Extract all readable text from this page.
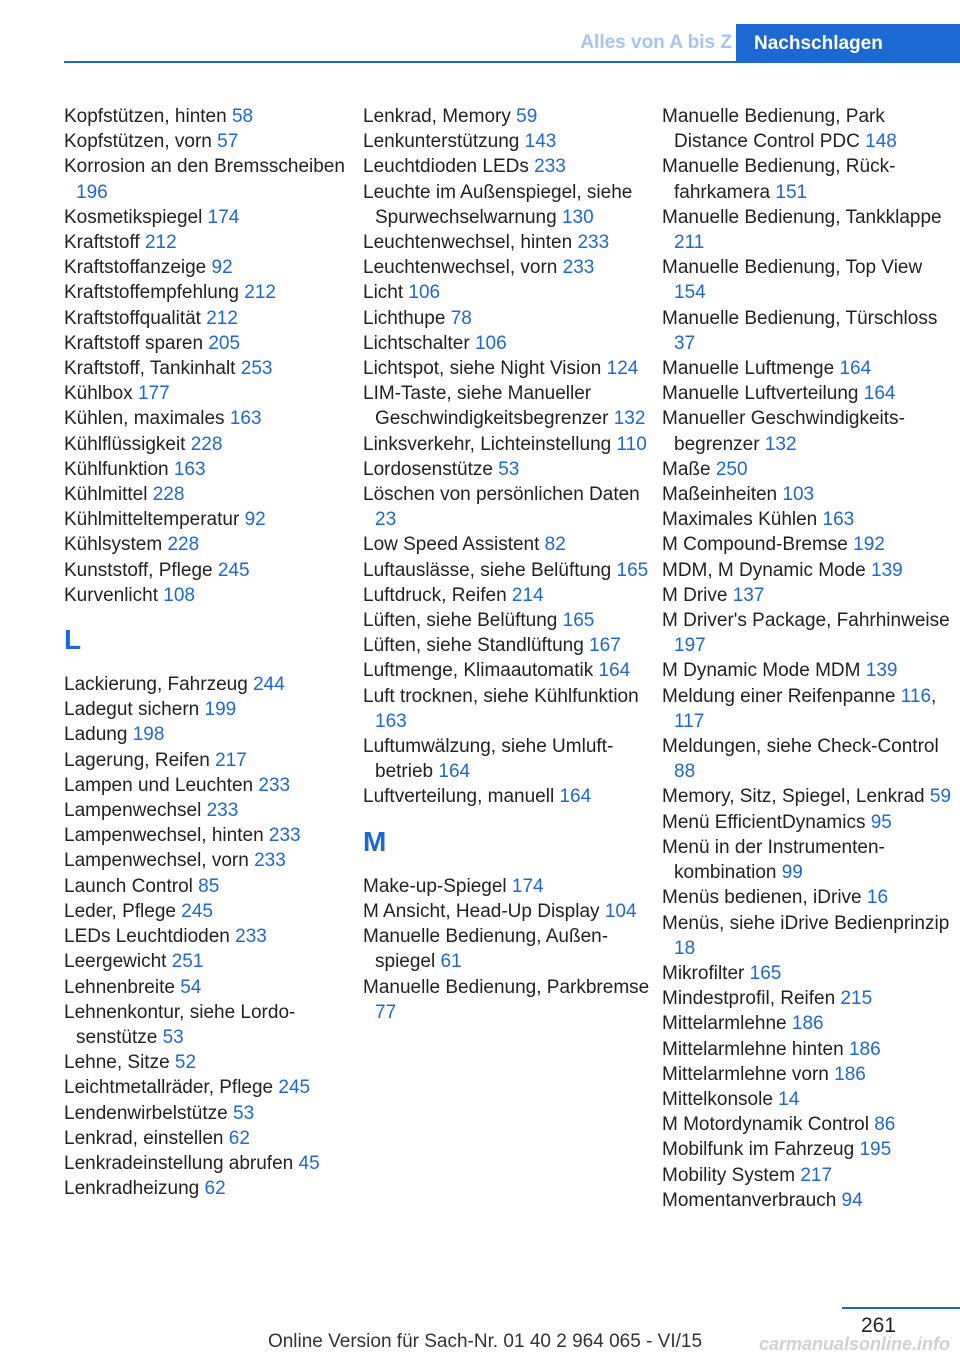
Alles von A bis Z	Nachschlagen
Kopfstützen, hinten 58
Kopfstützen, vorn 57
Korrosion an den Bremsscheiben 196
Kosmetikspiegel 174
Kraftstoff 212
Kraftstoffanzeige 92
Kraftstoffempfehlung 212
Kraftstoffqualität 212
Kraftstoff sparen 205
Kraftstoff, Tankinhalt 253
Kühlbox 177
Kühlen, maximales 163
Kühlflüssigkeit 228
Kühlfunktion 163
Kühlmittel 228
Kühlmitteltemperatur 92
Kühlsystem 228
Kunststoff, Pflege 245
Kurvenlicht 108
L
Lackierung, Fahrzeug 244
Ladegut sichern 199
Ladung 198
Lagerung, Reifen 217
Lampen und Leuchten 233
Lampenwechsel 233
Lampenwechsel, hinten 233
Lampenwechsel, vorn 233
Launch Control 85
Leder, Pflege 245
LEDs Leuchtdioden 233
Leergewicht 251
Lehnenbreite 54
Lehnenkontur, siehe Lordosenstütze 53
Lehne, Sitze 52
Leichtmetallräder, Pflege 245
Lendenwirbelstütze 53
Lenkrad, einstellen 62
Lenkradeinstellung abrufen 45
Lenkradheizung 62
Lenkrad, Memory 59
Lenkunterstützung 143
Leuchtdioden LEDs 233
Leuchte im Außenspiegel, siehe Spurwechselwarnung 130
Leuchtenwechsel, hinten 233
Leuchtenwechsel, vorn 233
Licht 106
Lichthupe 78
Lichtschalter 106
Lichtspot, siehe Night Vision 124
LIM-Taste, siehe Manueller Geschwindigkeitsbegrenzer 132
Linksverkehr, Lichteinstellung 110
Lordosenstütze 53
Löschen von persönlichen Daten 23
Low Speed Assistent 82
Luftauslässe, siehe Belüftung 165
Luftdruck, Reifen 214
Lüften, siehe Belüftung 165
Lüften, siehe Standlüftung 167
Luftmenge, Klimaautomatik 164
Luft trocknen, siehe Kühlfunktion 163
Luftumwälzung, siehe Umluftbetrieb 164
Luftverteilung, manuell 164
M
Make-up-Spiegel 174
M Ansicht, Head-Up Display 104
Manuelle Bedienung, Außenspiegel 61
Manuelle Bedienung, Parkbremse 77
Manuelle Bedienung, Park Distance Control PDC 148
Manuelle Bedienung, Rückfahrkamera 151
Manuelle Bedienung, Tankklappe 211
Manuelle Bedienung, Top View 154
Manuelle Bedienung, Türschloss 37
Manuelle Luftmenge 164
Manuelle Luftverteilung 164
Manueller Geschwindigkeitsbegrenzer 132
Maße 250
Maßeinheiten 103
Maximales Kühlen 163
M Compound-Bremse 192
MDM, M Dynamic Mode 139
M Drive 137
M Driver's Package, Fahrhinweise 197
M Dynamic Mode MDM 139
Meldung einer Reifenpanne 116, 117
Meldungen, siehe Check-Control 88
Memory, Sitz, Spiegel, Lenkrad 59
Menü EfficientDynamics 95
Menü in der Instrumentenkombination 99
Menüs bedienen, iDrive 16
Menüs, siehe iDrive Bedienprinzip 18
Mikrofilter 165
Mindestprofil, Reifen 215
Mittelarmlehne 186
Mittelarmlehne hinten 186
Mittelarmlehne vorn 186
Mittelkonsole 14
M Motordynamik Control 86
Mobilfunk im Fahrzeug 195
Mobility System 217
Momentanverbrauch 94
261
Online Version für Sach-Nr. 01 40 2 964 065 - VI/15	carmanualsonline.info
